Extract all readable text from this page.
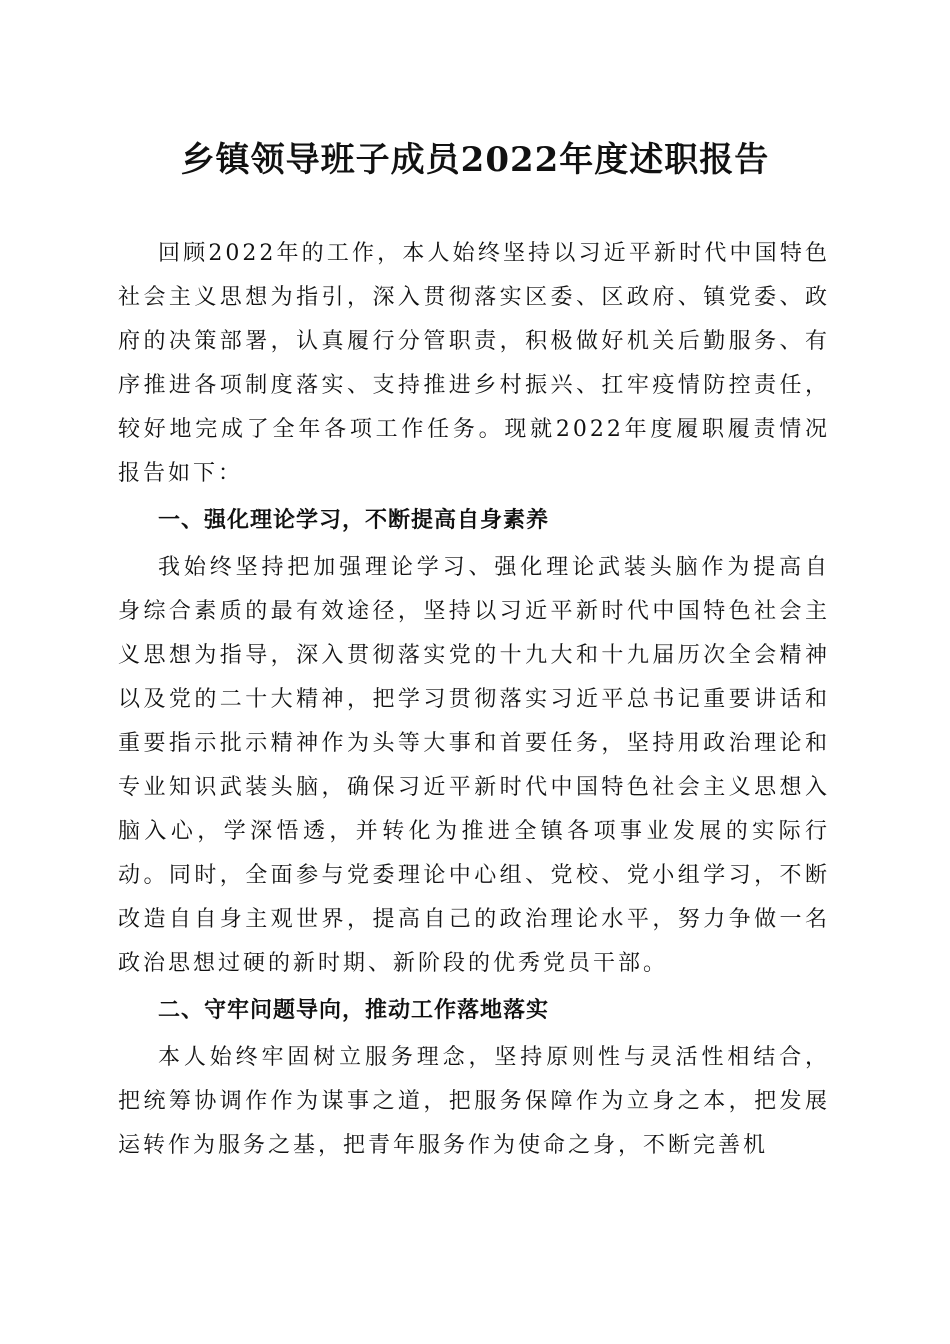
乡镇领导班子成员2022年度述职报告

回顾2022年的工作，本人始终坚持以习近平新时代中国特色社会主义思想为指引，深入贯彻落实区委、区政府、镇党委、政府的决策部署，认真履行分管职责，积极做好机关后勤服务、有序推进各项制度落实、支持推进乡村振兴、扛牢疫情防控责任，较好地完成了全年各项工作任务。现就2022年度履职履责情况报告如下：

一、强化理论学习，不断提高自身素养

我始终坚持把加强理论学习、强化理论武装头脑作为提高自身综合素质的最有效途径，坚持以习近平新时代中国特色社会主义思想为指导，深入贯彻落实党的十九大和十九届历次全会精神以及党的二十大精神，把学习贯彻落实习近平总书记重要讲话和重要指示批示精神作为头等大事和首要任务，坚持用政治理论和专业知识武装头脑，确保习近平新时代中国特色社会主义思想入脑入心，学深悟透，并转化为推进全镇各项事业发展的实际行动。同时，全面参与党委理论中心组、党校、党小组学习，不断改造自自身主观世界，提高自己的政治理论水平，努力争做一名政治思想过硬的新时期、新阶段的优秀党员干部。

二、守牢问题导向，推动工作落地落实

本人始终牢固树立服务理念，坚持原则性与灵活性相结合，把统筹协调作作为谋事之道，把服务保障作为立身之本，把发展运转作为服务之基，把青年服务作为使命之身，不断完善机
